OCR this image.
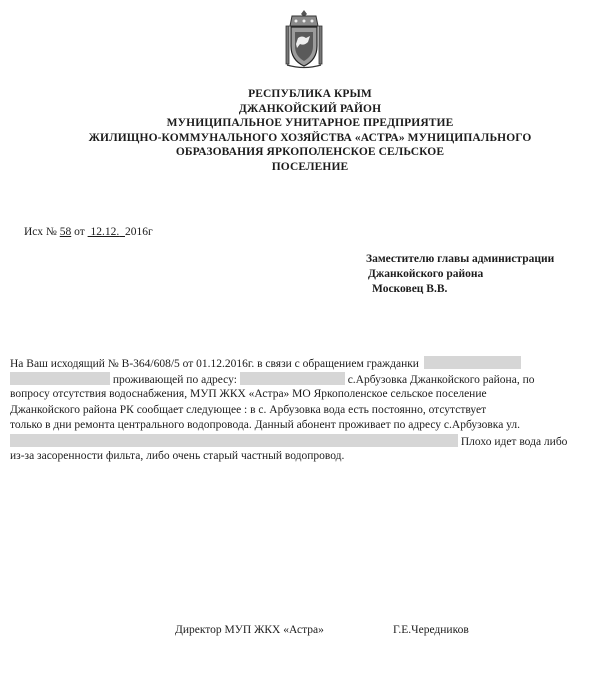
РЕСПУБЛИКА КРЫМ
ДЖАНКОЙСКИЙ РАЙОН
МУНИЦИПАЛЬНОЕ УНИТАРНОЕ ПРЕДПРИЯТИЕ
ЖИЛИЩНО-КОММУНАЛЬНОГО ХОЗЯЙСТВА «АСТРА» МУНИЦИПАЛЬНОГО
ОБРАЗОВАНИЯ ЯРКОПОЛЕНСКОЕ СЕЛЬСКОЕ
ПОСЕЛЕНИЕ
Исх № 58 от 12.12. 2016г
Заместителю главы администрации
Джанкойского района
Московец В.В.
На Ваш исходящий № В-364/608/5 от 01.12.2016г. в связи с обращением гражданки
проживающей по адресу:	с.Арбузовка Джанкойского района, по
вопросу отсутствия водоснабжения, МУП ЖКХ «Астра» МО Яркополенское сельское поселение
Джанкойского района РК сообщает следующее : в с. Арбузовка вода есть постоянно, отсутствует
только в дни ремонта центрального водопровода. Данный абонент проживает по адресу с.Арбузовка ул.
Плохо идет вода либо
из-за засоренности фильта, либо очень старый частный водопровод.
Директор МУП ЖКХ «Астра»	Г.Е.Чередников
